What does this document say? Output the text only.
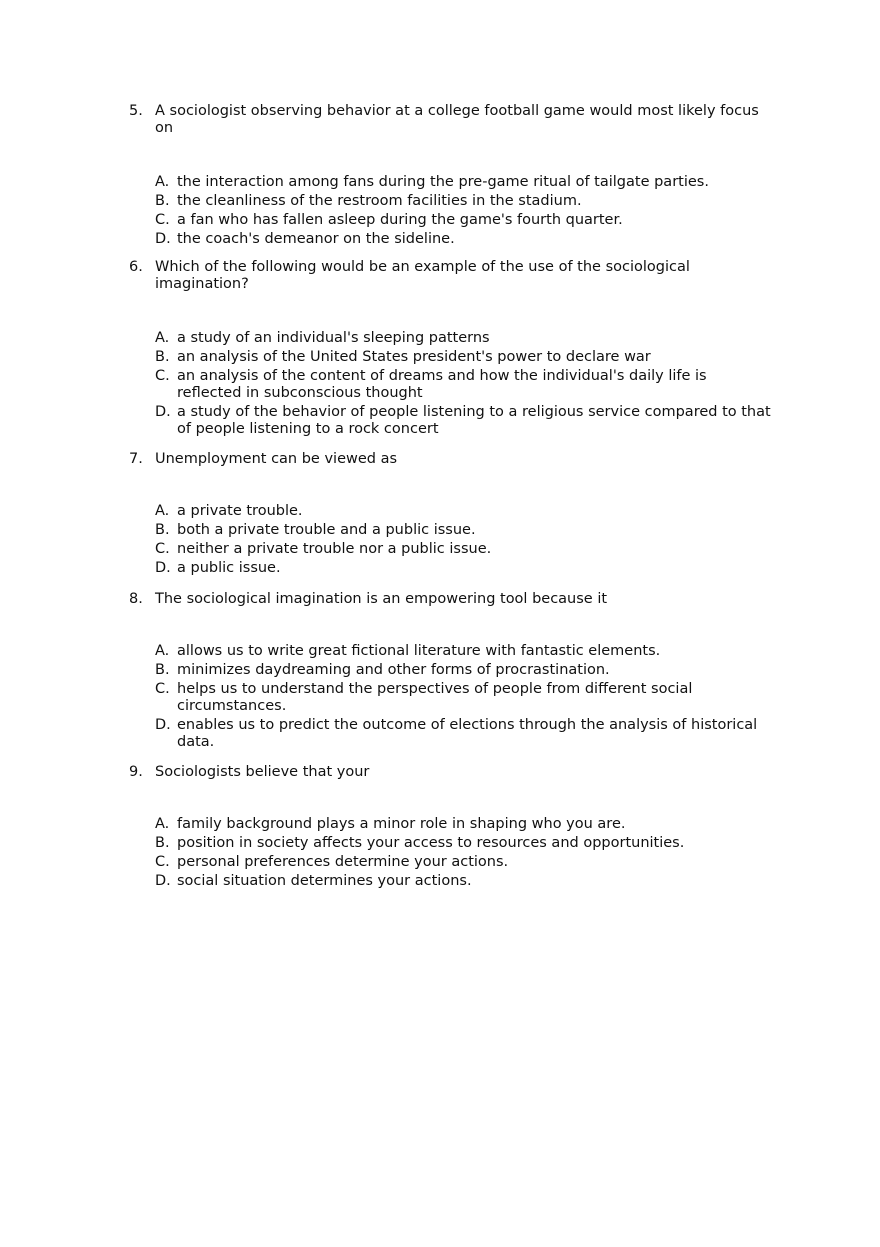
5. A sociologist observing behavior at a college football game would most likely focus on
A. the interaction among fans during the pre-game ritual of tailgate parties.
B. the cleanliness of the restroom facilities in the stadium.
C. a fan who has fallen asleep during the game's fourth quarter.
D. the coach's demeanor on the sideline.
6. Which of the following would be an example of the use of the sociological imagination?
A. a study of an individual's sleeping patterns
B. an analysis of the United States president's power to declare war
C. an analysis of the content of dreams and how the individual's daily life is reflected in subconscious thought
D. a study of the behavior of people listening to a religious service compared to that of people listening to a rock concert
7. Unemployment can be viewed as
A. a private trouble.
B. both a private trouble and a public issue.
C. neither a private trouble nor a public issue.
D. a public issue.
8. The sociological imagination is an empowering tool because it
A. allows us to write great fictional literature with fantastic elements.
B. minimizes daydreaming and other forms of procrastination.
C. helps us to understand the perspectives of people from different social circumstances.
D. enables us to predict the outcome of elections through the analysis of historical data.
9. Sociologists believe that your
A. family background plays a minor role in shaping who you are.
B. position in society affects your access to resources and opportunities.
C. personal preferences determine your actions.
D. social situation determines your actions.
